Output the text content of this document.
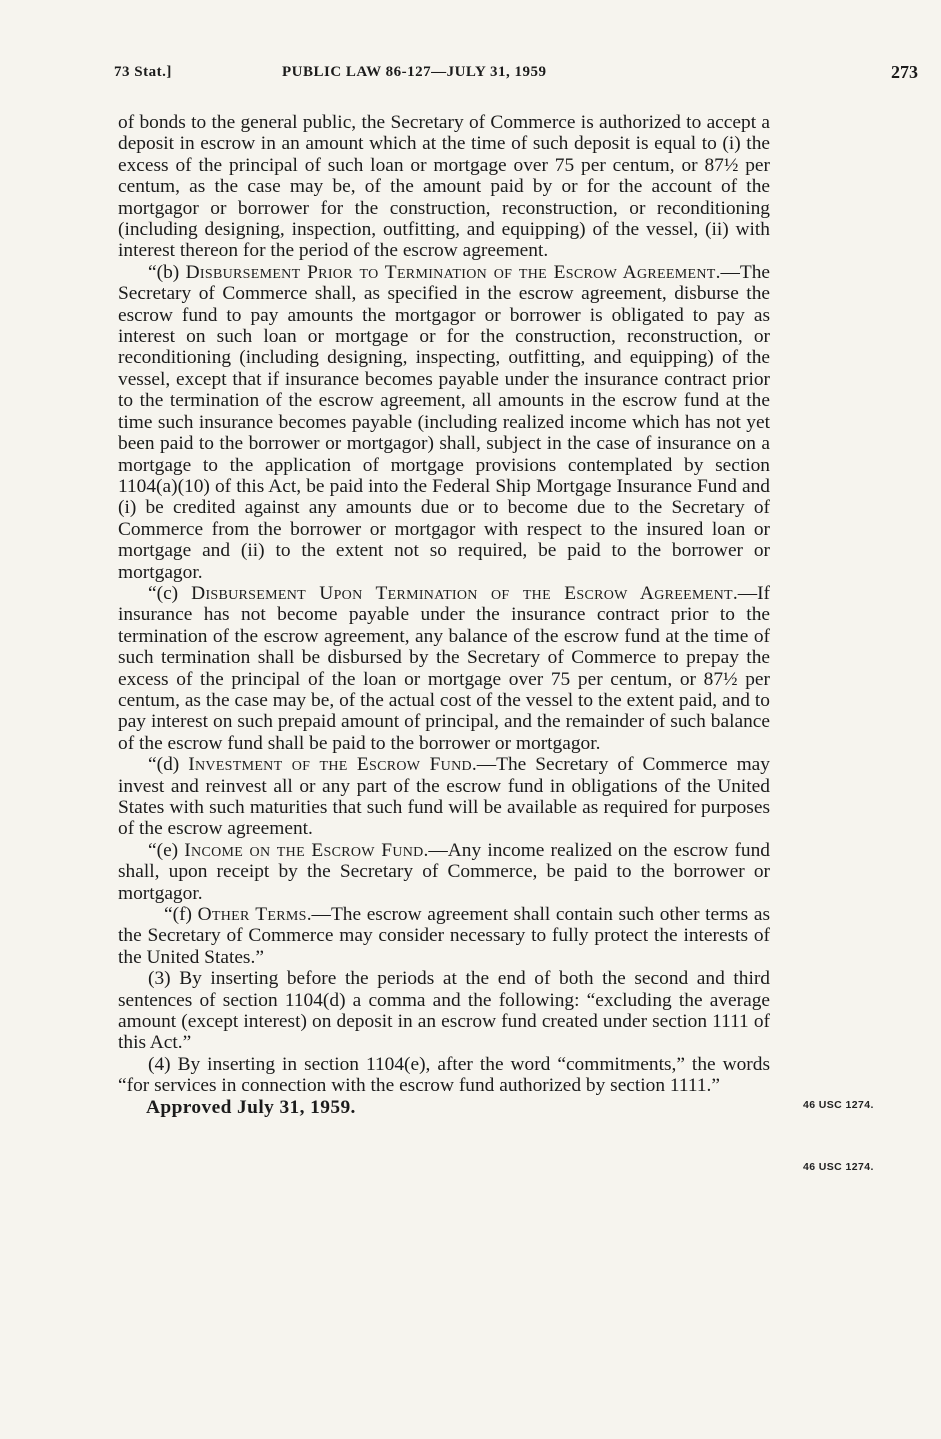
73 Stat.]	PUBLIC LAW 86-127—JULY 31, 1959	273

of bonds to the general public, the Secretary of Commerce is authorized to accept a deposit in escrow in an amount which at the time of such deposit is equal to (i) the excess of the principal of such loan or mortgage over 75 per centum, or 87½ per centum, as the case may be, of the amount paid by or for the account of the mortgagor or borrower for the construction, reconstruction, or reconditioning (including designing, inspection, outfitting, and equipping) of the vessel, (ii) with interest thereon for the period of the escrow agreement.

“(b) Disbursement Prior to Termination of the Escrow Agreement.—The Secretary of Commerce shall, as specified in the escrow agreement, disburse the escrow fund to pay amounts the mortgagor or borrower is obligated to pay as interest on such loan or mortgage or for the construction, reconstruction, or reconditioning (including designing, inspecting, outfitting, and equipping) of the vessel, except that if insurance becomes payable under the insurance contract prior to the termination of the escrow agreement, all amounts in the escrow fund at the time such insurance becomes payable (including realized income which has not yet been paid to the borrower or mortgagor) shall, subject in the case of insurance on a mortgage to the application of mortgage provisions contemplated by section 1104(a)(10) of this Act, be paid into the Federal Ship Mortgage Insurance Fund and (i) be credited against any amounts due or to become due to the Secretary of Commerce from the borrower or mortgagor with respect to the insured loan or mortgage and (ii) to the extent not so required, be paid to the borrower or mortgagor.

“(c) Disbursement Upon Termination of the Escrow Agreement.—If insurance has not become payable under the insurance contract prior to the termination of the escrow agreement, any balance of the escrow fund at the time of such termination shall be disbursed by the Secretary of Commerce to prepay the excess of the principal of the loan or mortgage over 75 per centum, or 87½ per centum, as the case may be, of the actual cost of the vessel to the extent paid, and to pay interest on such prepaid amount of principal, and the remainder of such balance of the escrow fund shall be paid to the borrower or mortgagor.

“(d) Investment of the Escrow Fund.—The Secretary of Commerce may invest and reinvest all or any part of the escrow fund in obligations of the United States with such maturities that such fund will be available as required for purposes of the escrow agreement.

“(e) Income on the Escrow Fund.—Any income realized on the escrow fund shall, upon receipt by the Secretary of Commerce, be paid to the borrower or mortgagor.

“(f) Other Terms.—The escrow agreement shall contain such other terms as the Secretary of Commerce may consider necessary to fully protect the interests of the United States.”

(3) By inserting before the periods at the end of both the second and third sentences of section 1104(d) a comma and the following: “excluding the average amount (except interest) on deposit in an escrow fund created under section 1111 of this Act.”

(4) By inserting in section 1104(e), after the word “commitments,” the words “for services in connection with the escrow fund authorized by section 1111.”

Approved July 31, 1959.	46 USC 1274.
46 USC 1274.
